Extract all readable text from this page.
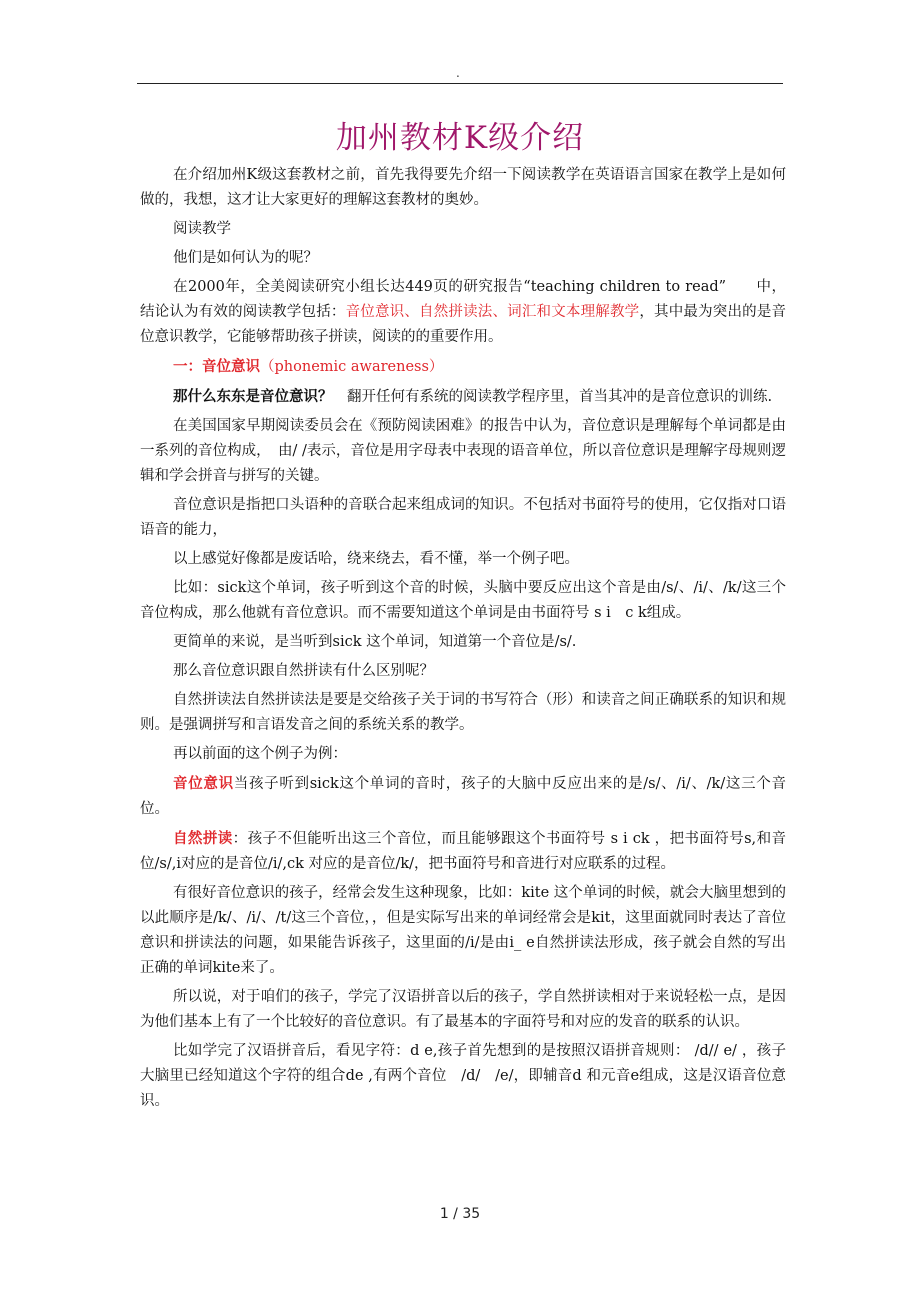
.
加州教材K级介绍

在介绍加州K级这套教材之前，首先我得要先介绍一下阅读教学在英语语言国家在教学上是如何做的，我想，这才让大家更好的理解这套教材的奥妙。

阅读教学

他们是如何认为的呢？

在2000年，全美阅读研究小组长达449页的研究报告“teaching children to read”　　中，结论认为有效的阅读教学包括：音位意识、自然拼读法、词汇和文本理解教学，其中最为突出的是音位意识教学，它能够帮助孩子拼读，阅读的的重要作用。

一：音位意识（phonemic awareness）

那什么东东是音位意识？　翻开任何有系统的阅读教学程序里，首当其冲的是音位意识的训练.

在美国国家早期阅读委员会在《预防阅读困难》的报告中认为，音位意识是理解每个单词都是由一系列的音位构成，　由/ /表示，音位是用字母表中表现的语音单位，所以音位意识是理解字母规则逻辑和学会拼音与拼写的关键。

音位意识是指把口头语种的音联合起来组成词的知识。不包括对书面符号的使用，它仅指对口语语音的能力，

以上感觉好像都是废话哈，绕来绕去，看不懂，举一个例子吧。

比如：sick这个单词，孩子听到这个音的时候，头脑中要反应出这个音是由/s/、/i/、/k/这三个音位构成，那么他就有音位意识。而不需要知道这个单词是由书面符号 s i　c k组成。

更简单的来说，是当听到sick 这个单词，知道第一个音位是/s/.

那么音位意识跟自然拼读有什么区别呢？

自然拼读法自然拼读法是要是交给孩子关于词的书写符合（形）和读音之间正确联系的知识和规则。是强调拼写和言语发音之间的系统关系的教学。

再以前面的这个例子为例：

音位意识当孩子听到sick这个单词的音时，孩子的大脑中反应出来的是/s/、/i/、/k/这三个音位。

自然拼读：孩子不但能听出这三个音位，而且能够跟这个书面符号 s i ck ，把书面符号s,和音位/s/,i对应的是音位/i/,ck 对应的是音位/k/，把书面符号和音进行对应联系的过程。

有很好音位意识的孩子，经常会发生这种现象，比如：kite 这个单词的时候，就会大脑里想到的以此顺序是/k/、/i/、/t/这三个音位，，但是实际写出来的单词经常会是kit，这里面就同时表达了音位意识和拼读法的问题，如果能告诉孩子，这里面的/i/是由i_ e自然拼读法形成，孩子就会自然的写出正确的单词kite来了。

所以说，对于咱们的孩子，学完了汉语拼音以后的孩子，学自然拼读相对于来说轻松一点，是因为他们基本上有了一个比较好的音位意识。有了最基本的字面符号和对应的发音的联系的认识。

比如学完了汉语拼音后，看见字符：d e,孩子首先想到的是按照汉语拼音规则： /d// e/ ，孩子大脑里已经知道这个字符的组合de ,有两个音位　/d/　/e/，即辅音d 和元音e组成，这是汉语音位意识。

1 / 35
